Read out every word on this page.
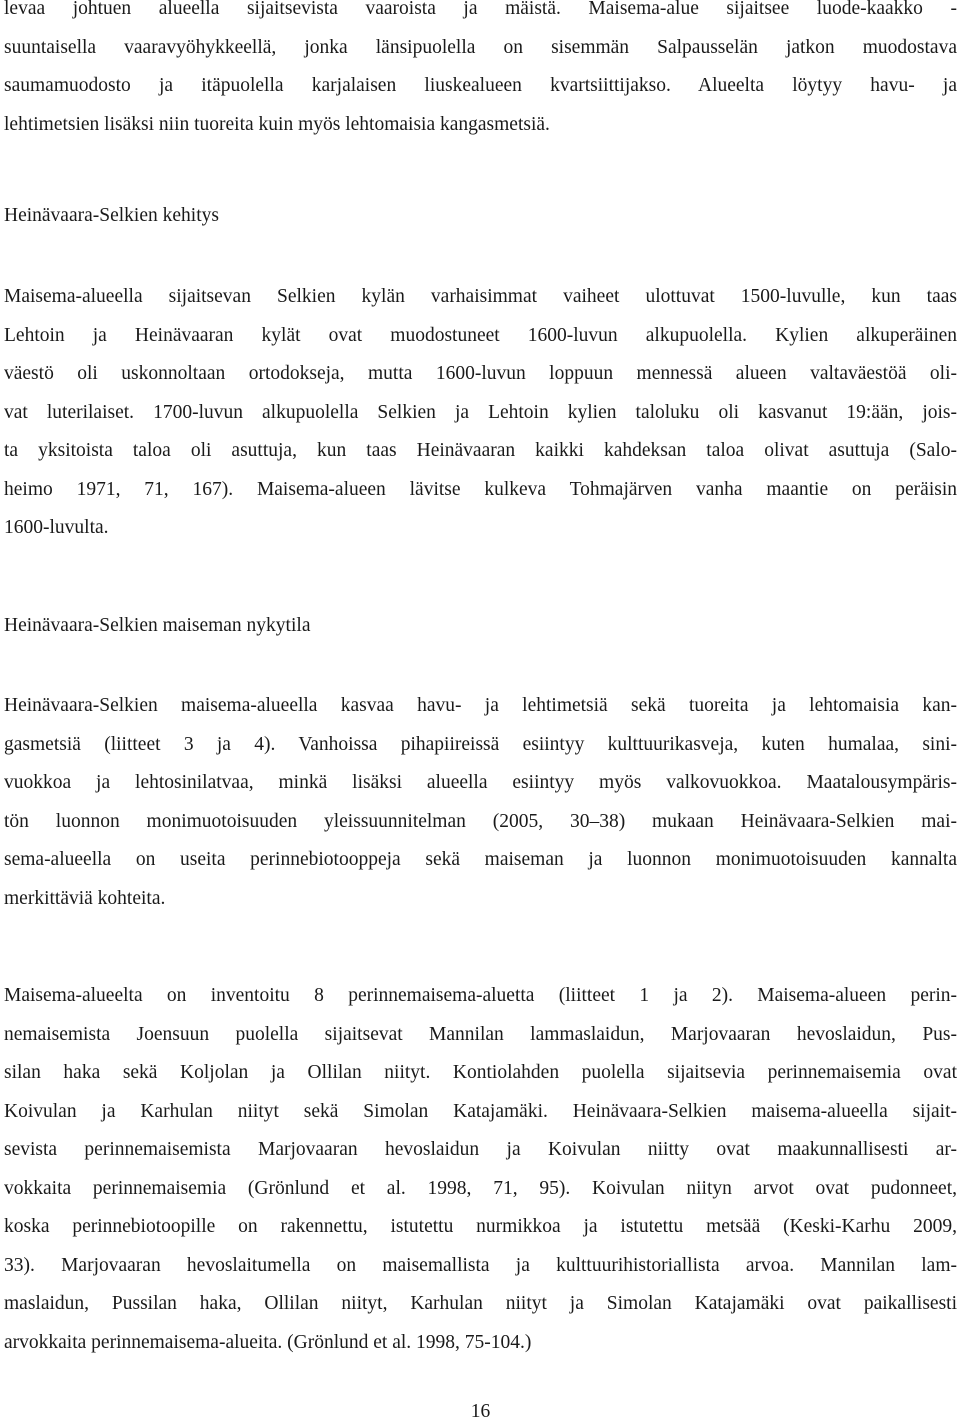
levaa johtuen alueella sijaitsevista vaaroista ja mäistä. Maisema-alue sijaitsee luode-kaakko -
suuntaisella vaaravyöhykkeellä, jonka länsipuolella on sisemmän Salpausselän jatkon muodostava
saumamuodosto ja itäpuolella karjalaisen liuskealueen kvartsiittijakso. Alueelta löytyy havu- ja
lehtimetsien lisäksi niin tuoreita kuin myös lehtomaisia kangasmetsiä.
Heinävaara-Selkien kehitys
Maisema-alueella sijaitsevan Selkien kylän varhaisimmat vaiheet ulottuvat 1500-luvulle, kun taas
Lehtoin ja Heinävaaran kylät ovat muodostuneet 1600-luvun alkupuolella. Kylien alkuperäinen
väestö oli uskonnoltaan ortodokseja, mutta 1600-luvun loppuun mennessä alueen valtaväestöä oli-
vat luterilaiset. 1700-luvun alkupuolella Selkien ja Lehtoin kylien taloluku oli kasvanut 19:ään, jois-
ta yksitoista taloa oli asuttuja, kun taas Heinävaaran kaikki kahdeksan taloa olivat asuttuja (Salo-
heimo 1971, 71, 167). Maisema-alueen lävitse kulkeva Tohmajärven vanha maantie on peräisin
1600-luvulta.
Heinävaara-Selkien maiseman nykytila
Heinävaara-Selkien maisema-alueella kasvaa havu- ja lehtimetsiä sekä tuoreita ja lehtomaisia kan-
gasmetsiä (liitteet 3 ja 4). Vanhoissa pihapiireissä esiintyy kulttuurikasveja, kuten humalaa, sini-
vuokkoa ja lehtosinilatvaa, minkä lisäksi alueella esiintyy myös valkovuokkoa. Maatalousympäris-
tön luonnon monimuotoisuuden yleissuunnitelman (2005, 30–38) mukaan Heinävaara-Selkien mai-
sema-alueella on useita perinnebiotooppeja sekä maiseman ja luonnon monimuotoisuuden kannalta
merkittäviä kohteita.
Maisema-alueelta on inventoitu 8 perinnemaisema-aluetta (liitteet 1 ja 2). Maisema-alueen perin-
nemaisemista Joensuun puolella sijaitsevat Mannilan lammaslaidun, Marjovaaran hevoslaidun, Pus-
silan haka sekä Koljolan ja Ollilan niityt. Kontiolahden puolella sijaitsevia perinnemaisemia ovat
Koivulan ja Karhulan niityt sekä Simolan Katajamäki. Heinävaara-Selkien maisema-alueella sijait-
sevista perinnemaisemista Marjovaaran hevoslaidun ja Koivulan niitty ovat maakunnallisesti ar-
vokkaita perinnemaisemia (Grönlund et al. 1998, 71, 95). Koivulan niityn arvot ovat pudonneet,
koska perinnebiotoopille on rakennettu, istutettu nurmikkoa ja istutettu metsää (Keski-Karhu 2009,
33). Marjovaaran hevoslaitumella on maisemallista ja kulttuurihistoriallista arvoa. Mannilan lam-
maslaidun, Pussilan haka, Ollilan niityt, Karhulan niityt ja Simolan Katajamäki ovat paikallisesti
arvokkaita perinnemaisema-alueita. (Grönlund et al. 1998, 75-104.)
16
